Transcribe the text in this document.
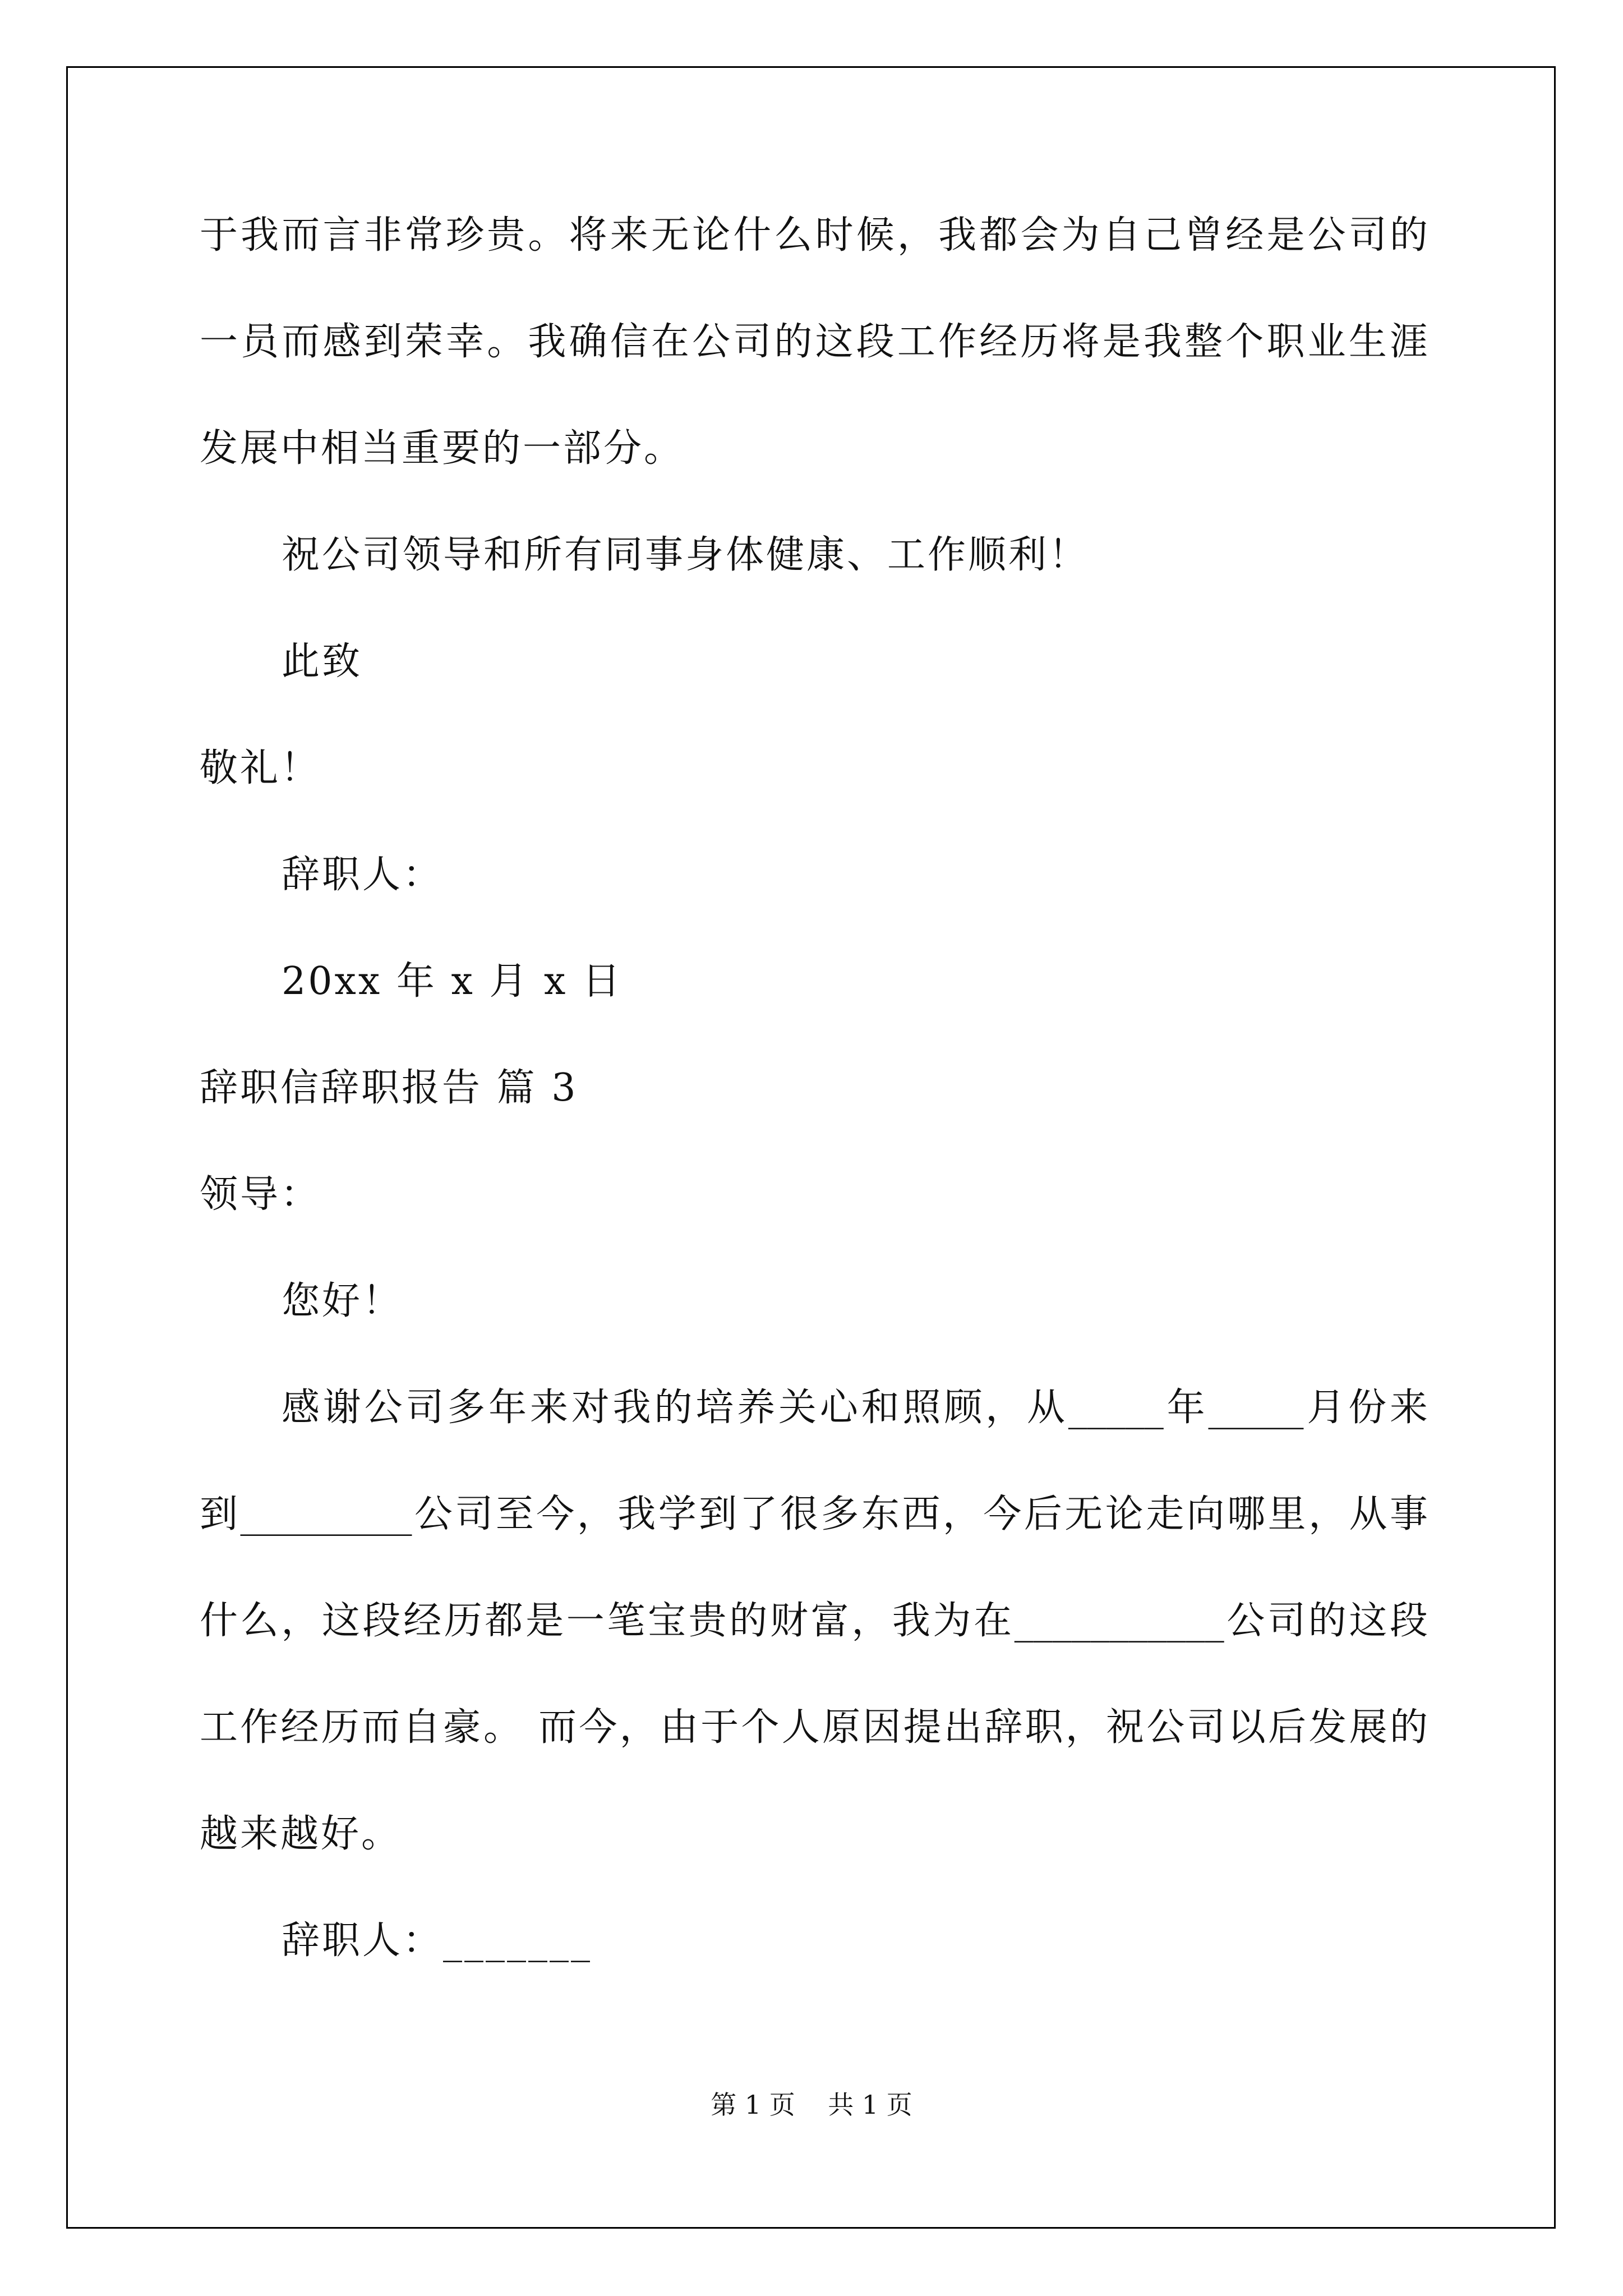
于我而言非常珍贵。将来无论什么时候，我都会为自己曾经是公司的
一员而感到荣幸。我确信在公司的这段工作经历将是我整个职业生涯
发展中相当重要的一部分。
祝公司领导和所有同事身体健康、工作顺利！
此致
敬礼！
辞职人：
20xx 年 x 月 x 日
辞职信辞职报告 篇 3
领导：
您好！
感谢公司多年来对我的培养关心和照顾，从_____年_____月份来
到_________公司至今，我学到了很多东西，今后无论走向哪里，从事
什么，这段经历都是一笔宝贵的财富，我为在___________公司的这段
工作经历而自豪。 而今，由于个人原因提出辞职，祝公司以后发展的
越来越好。
辞职人：_______
第 1 页    共 1 页
